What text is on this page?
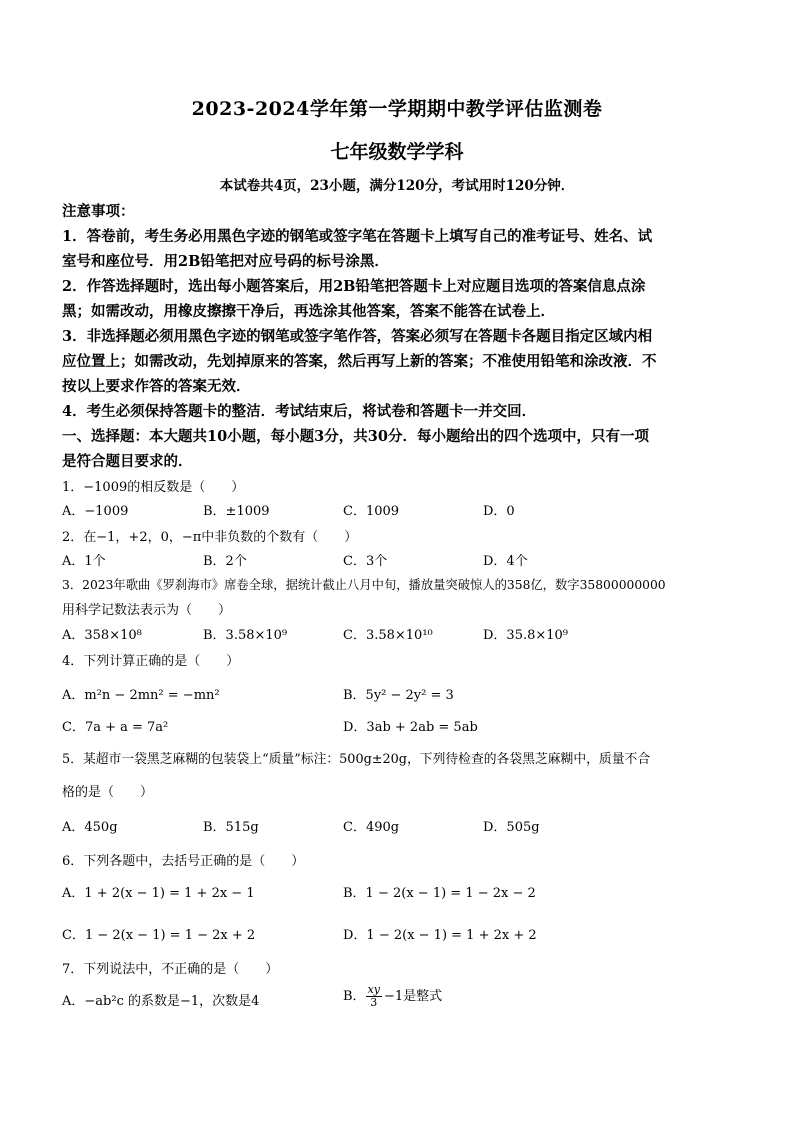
2023-2024学年第一学期期中教学评估监测卷
七年级数学学科
本试卷共4页，23小题，满分120分，考试用时120分钟．
注意事项：
1．答卷前，考生务必用黑色字迹的钢笔或签字笔在答题卡上填写自己的准考证号、姓名、试
室号和座位号．用2B铅笔把对应号码的标号涂黑．
2．作答选择题时，选出每小题答案后，用2B铅笔把答题卡上对应题目选项的答案信息点涂
黑；如需改动，用橡皮擦擦干净后，再选涂其他答案，答案不能答在试卷上．
3．非选择题必须用黑色字迹的钢笔或签字笔作答，答案必须写在答题卡各题目指定区域内相
应位置上；如需改动，先划掉原来的答案，然后再写上新的答案；不准使用铅笔和涂改液．不
按以上要求作答的答案无效．
4．考生必须保持答题卡的整洁．考试结束后，将试卷和答题卡一并交回．
一、选择题：本大题共10小题，每小题3分，共30分．每小题给出的四个选项中，只有一项
是符合题目要求的．
1．−1009的相反数是（　　）
A．−1009	B．±1009	C．1009	D．0
2．在−1，+2，0，−π中非负数的个数有（　　）
A．1个	B．2个	C．3个	D．4个
3．2023年歌曲《罗刹海市》席卷全球，据统计截止八月中旬，播放量突破惊人的358亿，数字35800000000
用科学记数法表示为（　　）
A．358×10⁸	B．3.58×10⁹	C．3.58×10¹⁰	D．35.8×10⁹
4．下列计算正确的是（　　）
A．m²n − 2mn² = −mn²	B．5y² − 2y² = 3
C．7a + a = 7a²	D．3ab + 2ab = 5ab
5．某超市一袋黑芝麻糊的包装袋上“质量”标注：500g±20g，下列待检查的各袋黑芝麻糊中，质量不合
格的是（　　）
A．450g	B．515g	C．490g	D．505g
6．下列各题中，去括号正确的是（　　）
A．1 + 2(x − 1) = 1 + 2x − 1	B．1 − 2(x − 1) = 1 − 2x − 2
C．1 − 2(x − 1) = 1 − 2x + 2	D．1 − 2(x − 1) = 1 + 2x + 2
7．下列说法中，不正确的是（　　）
A．−ab²c 的系数是−1，次数是4	B． $\frac{xy}{3} -1$是整式
